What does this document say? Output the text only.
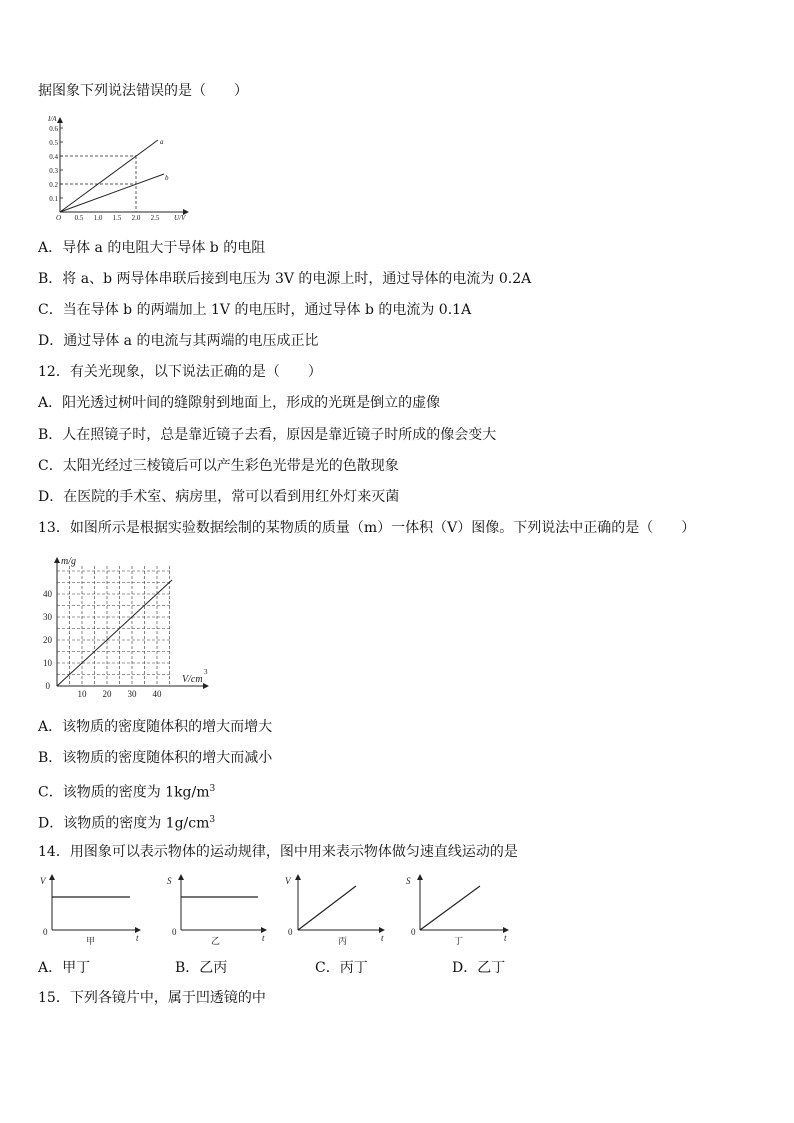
据图象下列说法错误的是（　　）
0.1
0.2
0.3
0.4
0.5
0.6
I/A
0.5 1.0 1.5 2.0 2.5
O	U/V
a
b
A．导体 a 的电阻大于导体 b 的电阻
B．将 a、b 两导体串联后接到电压为 3V 的电源上时，通过导体的电流为 0.2A
C．当在导体 b 的两端加上 1V 的电压时，通过导体 b 的电流为 0.1A
D．通过导体 a 的电流与其两端的电压成正比
12．有关光现象，以下说法正确的是（　　）
A．阳光透过树叶间的缝隙射到地面上，形成的光斑是倒立的虚像
B．人在照镜子时，总是靠近镜子去看，原因是靠近镜子时所成的像会变大
C．太阳光经过三棱镜后可以产生彩色光带是光的色散现象
D．在医院的手术室、病房里，常可以看到用红外灯来灭菌
13．如图所示是根据实验数据绘制的某物质的质量（m）一体积（V）图像。下列说法中正确的是（　　）
m/g
0
10
20
30
40
10 20 30 40
V/cm
3
A．该物质的密度随体积的增大而增大
B．该物质的密度随体积的增大而减小
C．该物质的密度为 $1kg/m^3$
D．该物质的密度为 $1g/cm^3$
14．用图象可以表示物体的运动规律，图中用来表示物体做匀速直线运动的是
V
0
t
甲
S
0
t
乙
V
0
t
丙
S
0
t
丁
A．甲丁	B．乙丙	C．丙丁	D．乙丁
15．下列各镜片中，属于凹透镜的中
